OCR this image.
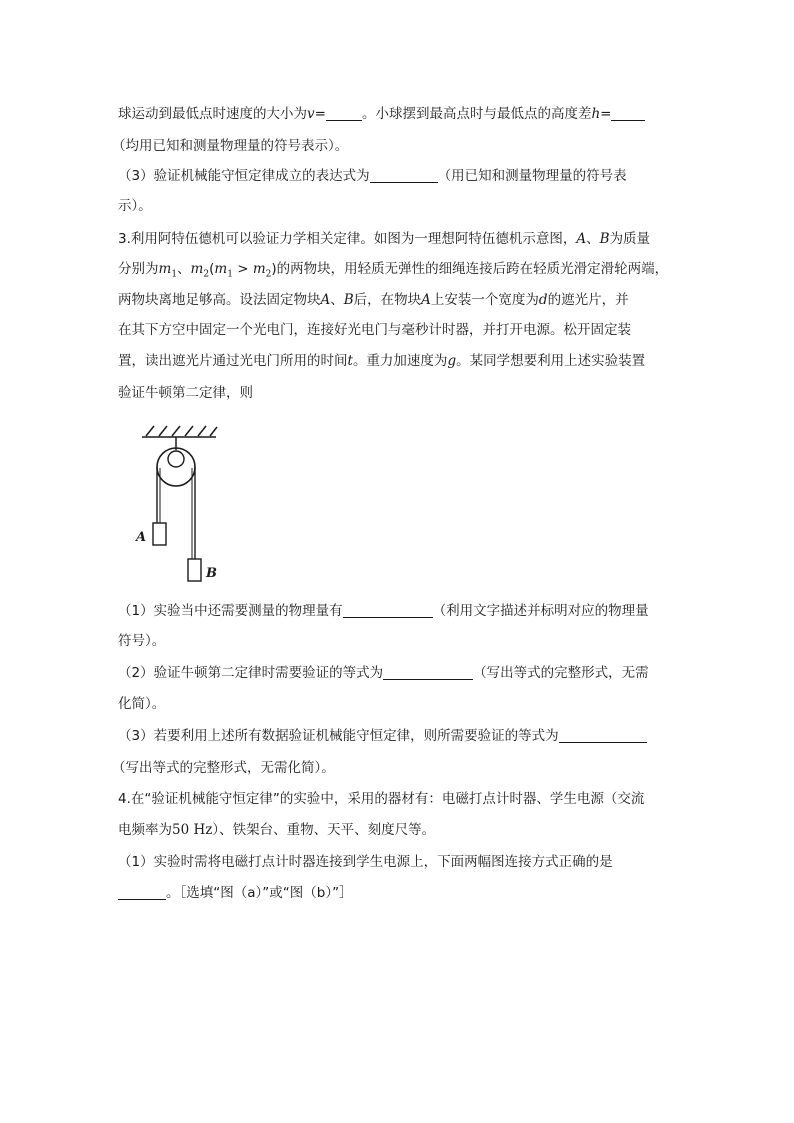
球运动到最低点时速度的大小为v=	。小球摆到最高点时与最低点的高度差h=
（均用已知和测量物理量的符号表示）。
（3）验证机械能守恒定律成立的表达式为	（用已知和测量物理量的符号表
示）。
3.利用阿特伍德机可以验证力学相关定律。如图为一理想阿特伍德机示意图，A、B为质量
分别为$m_1$、$m_2(m_1 > m_2)$的两物块，用轻质无弹性的细绳连接后跨在轻质光滑定滑轮两端，
两物块离地足够高。设法固定物块A、B后，在物块A上安装一个宽度为d的遮光片，并
在其下方空中固定一个光电门，连接好光电门与毫秒计时器，并打开电源。松开固定装
置，读出遮光片通过光电门所用的时间t。重力加速度为g。某同学想要利用上述实验装置
验证牛顿第二定律，则
A
B
（1）实验当中还需要测量的物理量有	（利用文字描述并标明对应的物理量
符号）。
（2）验证牛顿第二定律时需要验证的等式为	（写出等式的完整形式，无需
化简）。
（3）若要利用上述所有数据验证机械能守恒定律，则所需要验证的等式为
（写出等式的完整形式，无需化简）。
4.在“验证机械能守恒定律”的实验中，采用的器材有：电磁打点计时器、学生电源（交流
电频率为50 Hz）、铁架台、重物、天平、刻度尺等。
（1）实验时需将电磁打点计时器连接到学生电源上，下面两幅图连接方式正确的是
。［选填“图（a）”或“图（b）”］
